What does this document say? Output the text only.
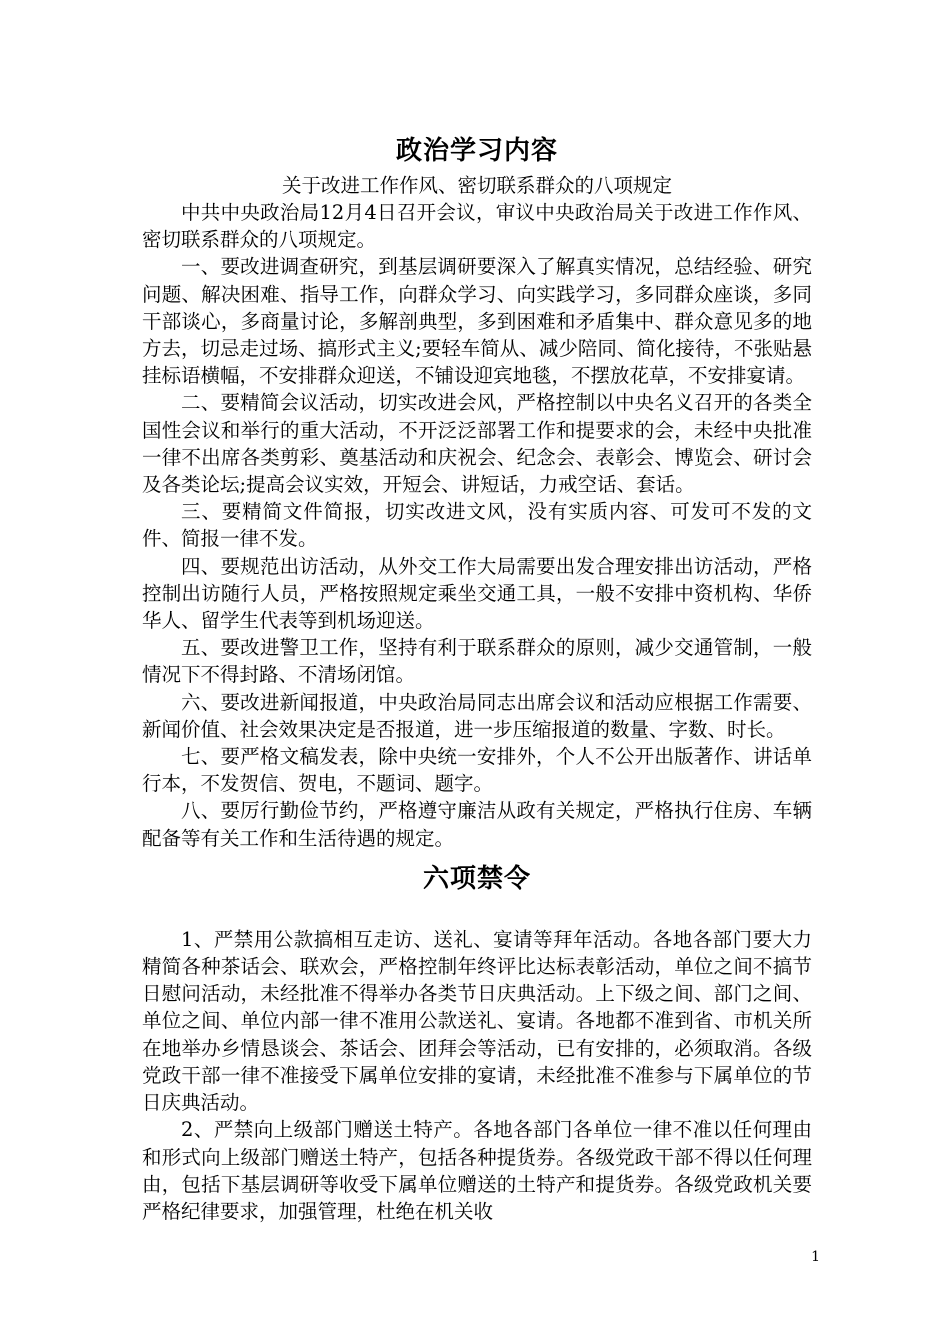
政治学习内容

关于改进工作作风、密切联系群众的八项规定

中共中央政治局12月4日召开会议，审议中央政治局关于改进工作作风、密切联系群众的八项规定。

一、要改进调查研究，到基层调研要深入了解真实情况，总结经验、研究问题、解决困难、指导工作，向群众学习、向实践学习，多同群众座谈，多同干部谈心，多商量讨论，多解剖典型，多到困难和矛盾集中、群众意见多的地方去，切忌走过场、搞形式主义;要轻车简从、减少陪同、简化接待，不张贴悬挂标语横幅，不安排群众迎送，不铺设迎宾地毯，不摆放花草，不安排宴请。

二、要精简会议活动，切实改进会风，严格控制以中央名义召开的各类全国性会议和举行的重大活动，不开泛泛部署工作和提要求的会，未经中央批准一律不出席各类剪彩、奠基活动和庆祝会、纪念会、表彰会、博览会、研讨会及各类论坛;提高会议实效，开短会、讲短话，力戒空话、套话。

三、要精简文件简报，切实改进文风，没有实质内容、可发可不发的文件、简报一律不发。

四、要规范出访活动，从外交工作大局需要出发合理安排出访活动，严格控制出访随行人员，严格按照规定乘坐交通工具，一般不安排中资机构、华侨华人、留学生代表等到机场迎送。

五、要改进警卫工作，坚持有利于联系群众的原则，减少交通管制，一般情况下不得封路、不清场闭馆。

六、要改进新闻报道，中央政治局同志出席会议和活动应根据工作需要、新闻价值、社会效果决定是否报道，进一步压缩报道的数量、字数、时长。

七、要严格文稿发表，除中央统一安排外，个人不公开出版著作、讲话单行本，不发贺信、贺电，不题词、题字。

八、要厉行勤俭节约，严格遵守廉洁从政有关规定，严格执行住房、车辆配备等有关工作和生活待遇的规定。

六项禁令

1、严禁用公款搞相互走访、送礼、宴请等拜年活动。各地各部门要大力精简各种茶话会、联欢会，严格控制年终评比达标表彰活动，单位之间不搞节日慰问活动，未经批准不得举办各类节日庆典活动。上下级之间、部门之间、单位之间、单位内部一律不准用公款送礼、宴请。各地都不准到省、市机关所在地举办乡情恳谈会、茶话会、团拜会等活动，已有安排的，必须取消。各级党政干部一律不准接受下属单位安排的宴请，未经批准不准参与下属单位的节日庆典活动。

2、严禁向上级部门赠送土特产。各地各部门各单位一律不准以任何理由和形式向上级部门赠送土特产，包括各种提货券。各级党政干部不得以任何理由，包括下基层调研等收受下属单位赠送的土特产和提货券。各级党政机关要严格纪律要求，加强管理，杜绝在机关收

1
